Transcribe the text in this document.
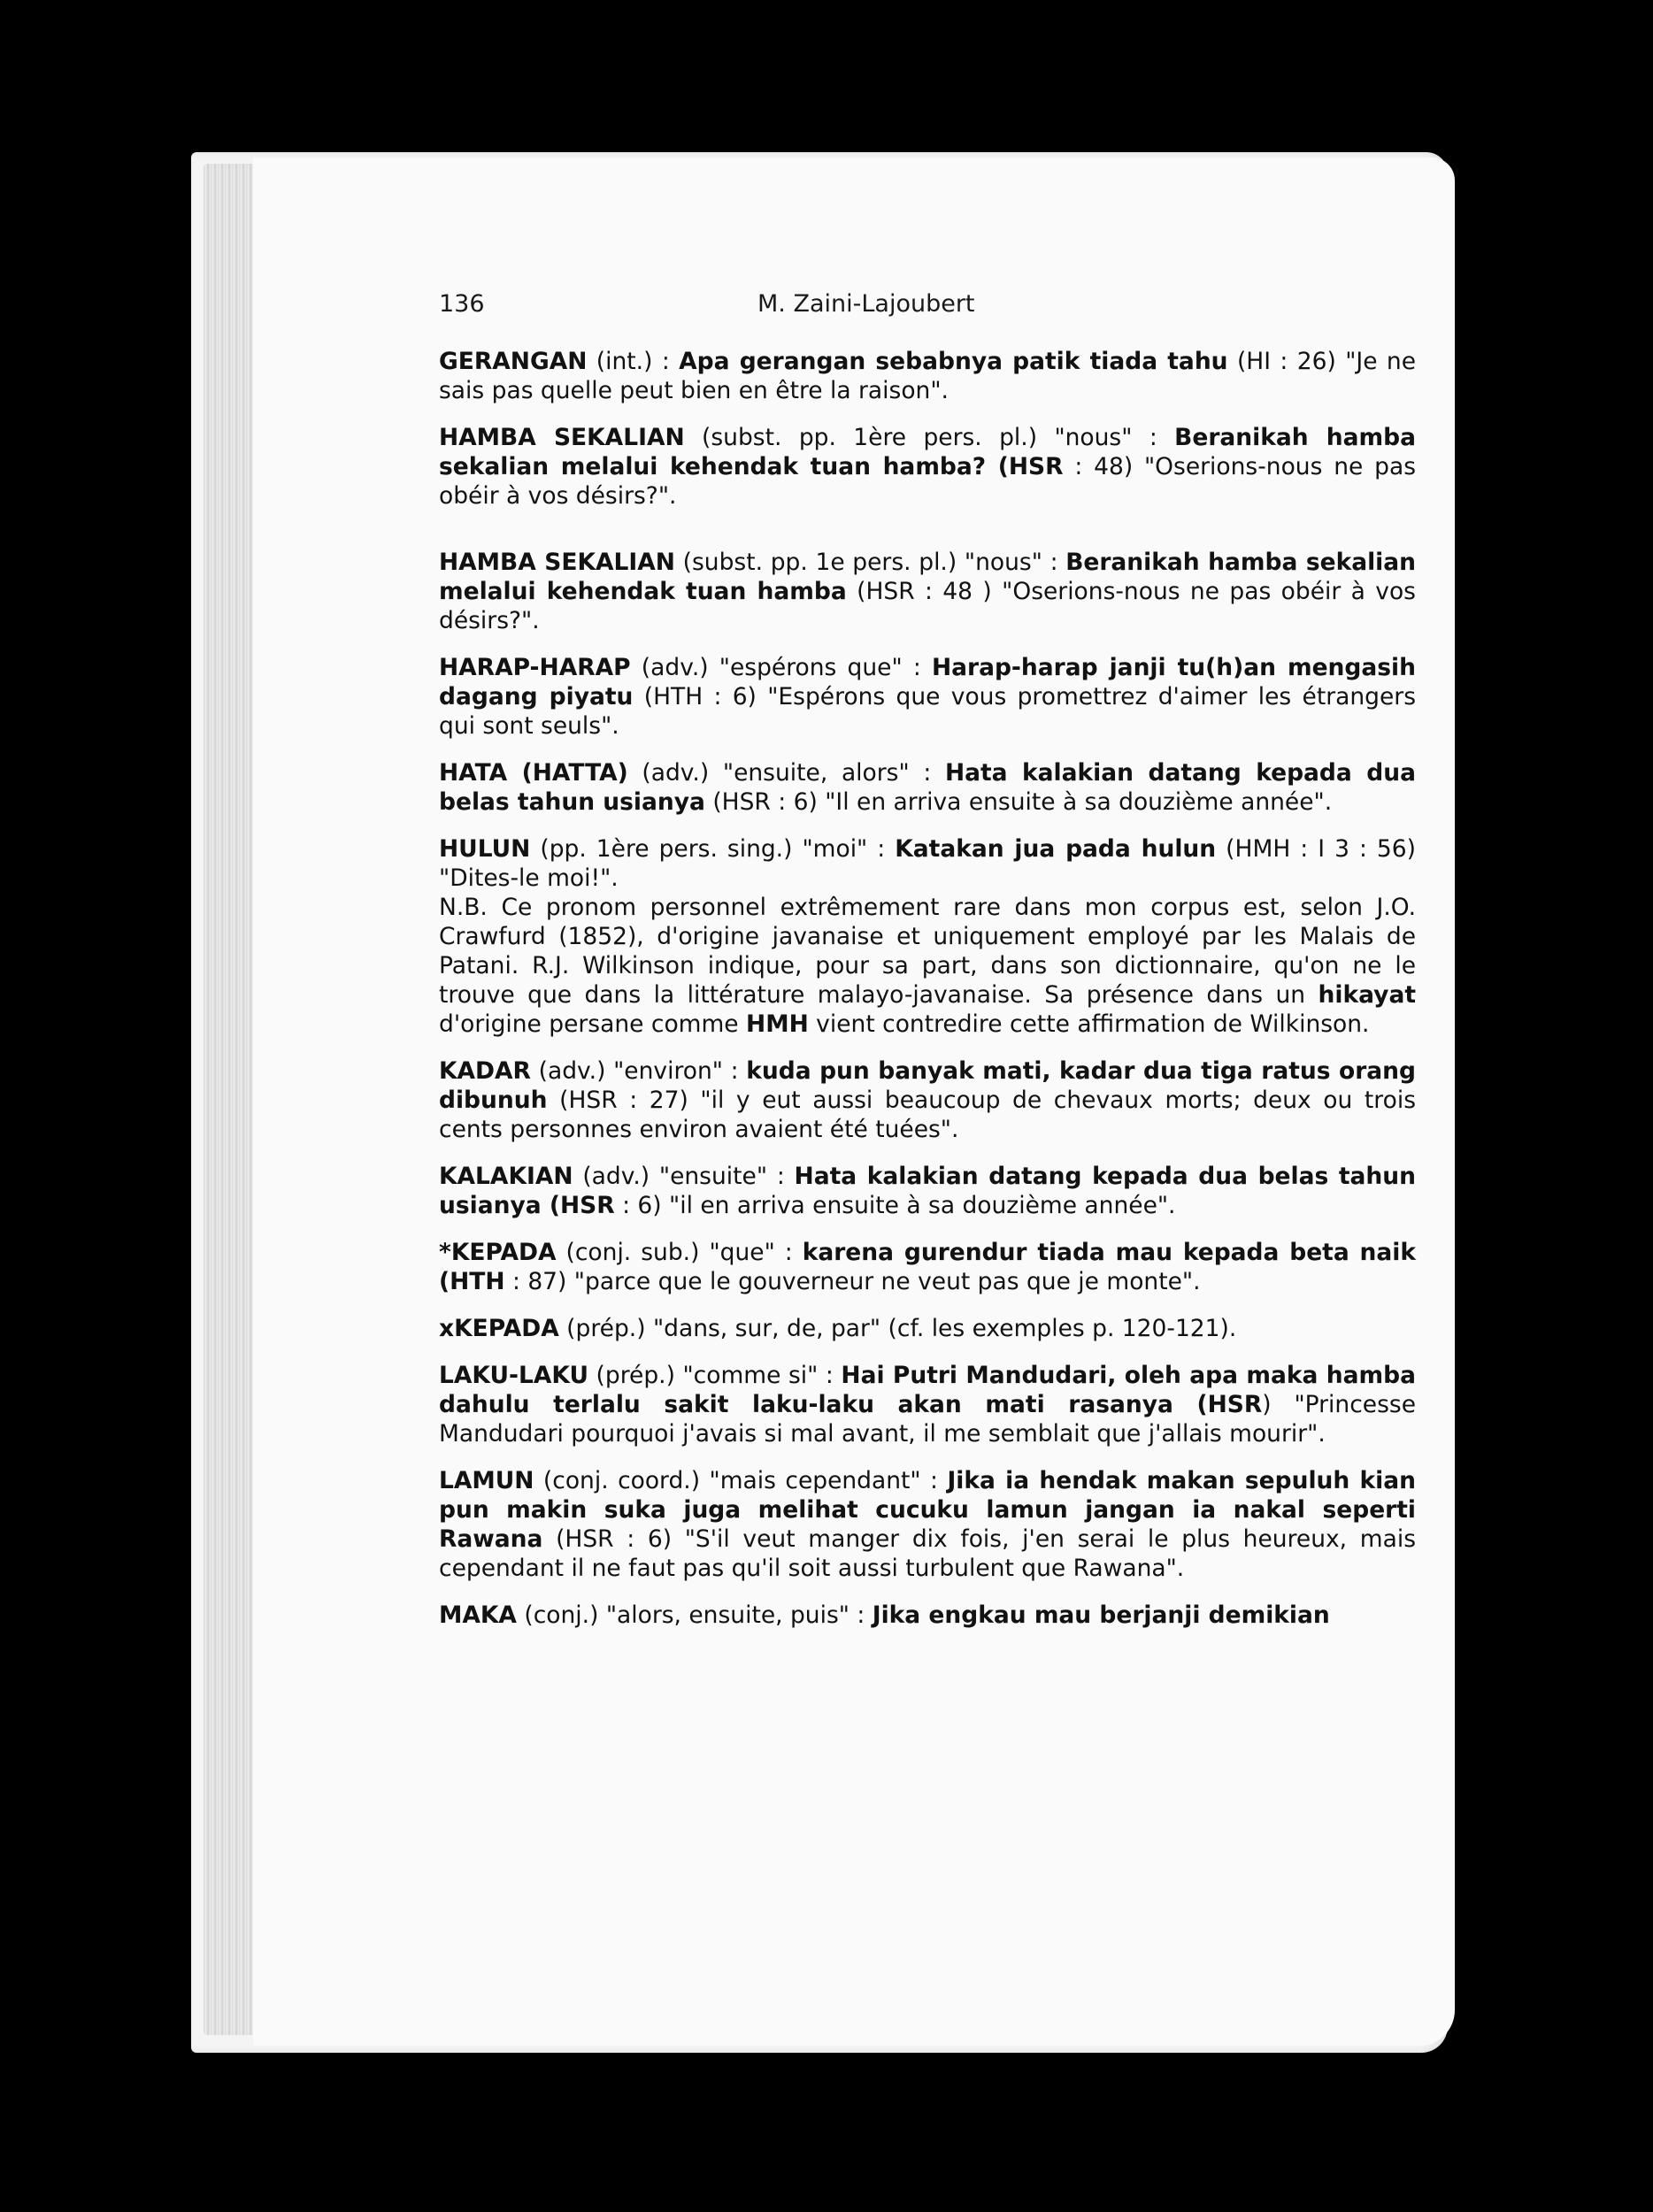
136	M. Zaini-Lajoubert

GERANGAN (int.) : Apa gerangan sebabnya patik tiada tahu (HI : 26) "Je ne sais pas quelle peut bien en être la raison".

HAMBA SEKALIAN (subst. pp. 1ère pers. pl.) "nous" : Beranikah hamba sekalian melalui kehendak tuan hamba? (HSR : 48) "Oserions-nous ne pas obéir à vos désirs?".

HAMBA SEKALIAN (subst. pp. 1e pers. pl.) "nous" : Beranikah hamba sekalian melalui kehendak tuan hamba (HSR : 48 ) "Oserions-nous ne pas obéir à vos désirs?".

HARAP-HARAP (adv.) "espérons que" : Harap-harap janji tu(h)an mengasih dagang piyatu (HTH : 6) "Espérons que vous promettrez d'aimer les étrangers qui sont seuls".

HATA (HATTA) (adv.) "ensuite, alors" : Hata kalakian datang kepada dua belas tahun usianya (HSR : 6) "Il en arriva ensuite à sa douzième année".

HULUN (pp. 1ère pers. sing.) "moi" : Katakan jua pada hulun (HMH : I 3 : 56) "Dites-le moi!".

N.B. Ce pronom personnel extrêmement rare dans mon corpus est, selon J.O. Crawfurd (1852), d'origine javanaise et uniquement employé par les Malais de Patani. R.J. Wilkinson indique, pour sa part, dans son dictionnaire, qu'on ne le trouve que dans la littérature malayo-javanaise. Sa présence dans un hikayat d'origine persane comme HMH vient contredire cette affirmation de Wilkinson.

KADAR (adv.) "environ" : kuda pun banyak mati, kadar dua tiga ratus orang dibunuh (HSR : 27) "il y eut aussi beaucoup de chevaux morts; deux ou trois cents personnes environ avaient été tuées".

KALAKIAN (adv.) "ensuite" : Hata kalakian datang kepada dua belas tahun usianya (HSR : 6) "il en arriva ensuite à sa douzième année".

*KEPADA (conj. sub.) "que" : karena gurendur tiada mau kepada beta naik (HTH : 87) "parce que le gouverneur ne veut pas que je monte".

xKEPADA (prép.) "dans, sur, de, par" (cf. les exemples p. 120-121).

LAKU-LAKU (prép.) "comme si" : Hai Putri Mandudari, oleh apa maka hamba dahulu terlalu sakit laku-laku akan mati rasanya (HSR) "Princesse Mandudari pourquoi j'avais si mal avant, il me semblait que j'allais mourir".

LAMUN (conj. coord.) "mais cependant" : Jika ia hendak makan sepuluh kian pun makin suka juga melihat cucuku lamun jangan ia nakal seperti Rawana (HSR : 6) "S'il veut manger dix fois, j'en serai le plus heureux, mais cependant il ne faut pas qu'il soit aussi turbulent que Rawana".

MAKA (conj.) "alors, ensuite, puis" : Jika engkau mau berjanji demikian
